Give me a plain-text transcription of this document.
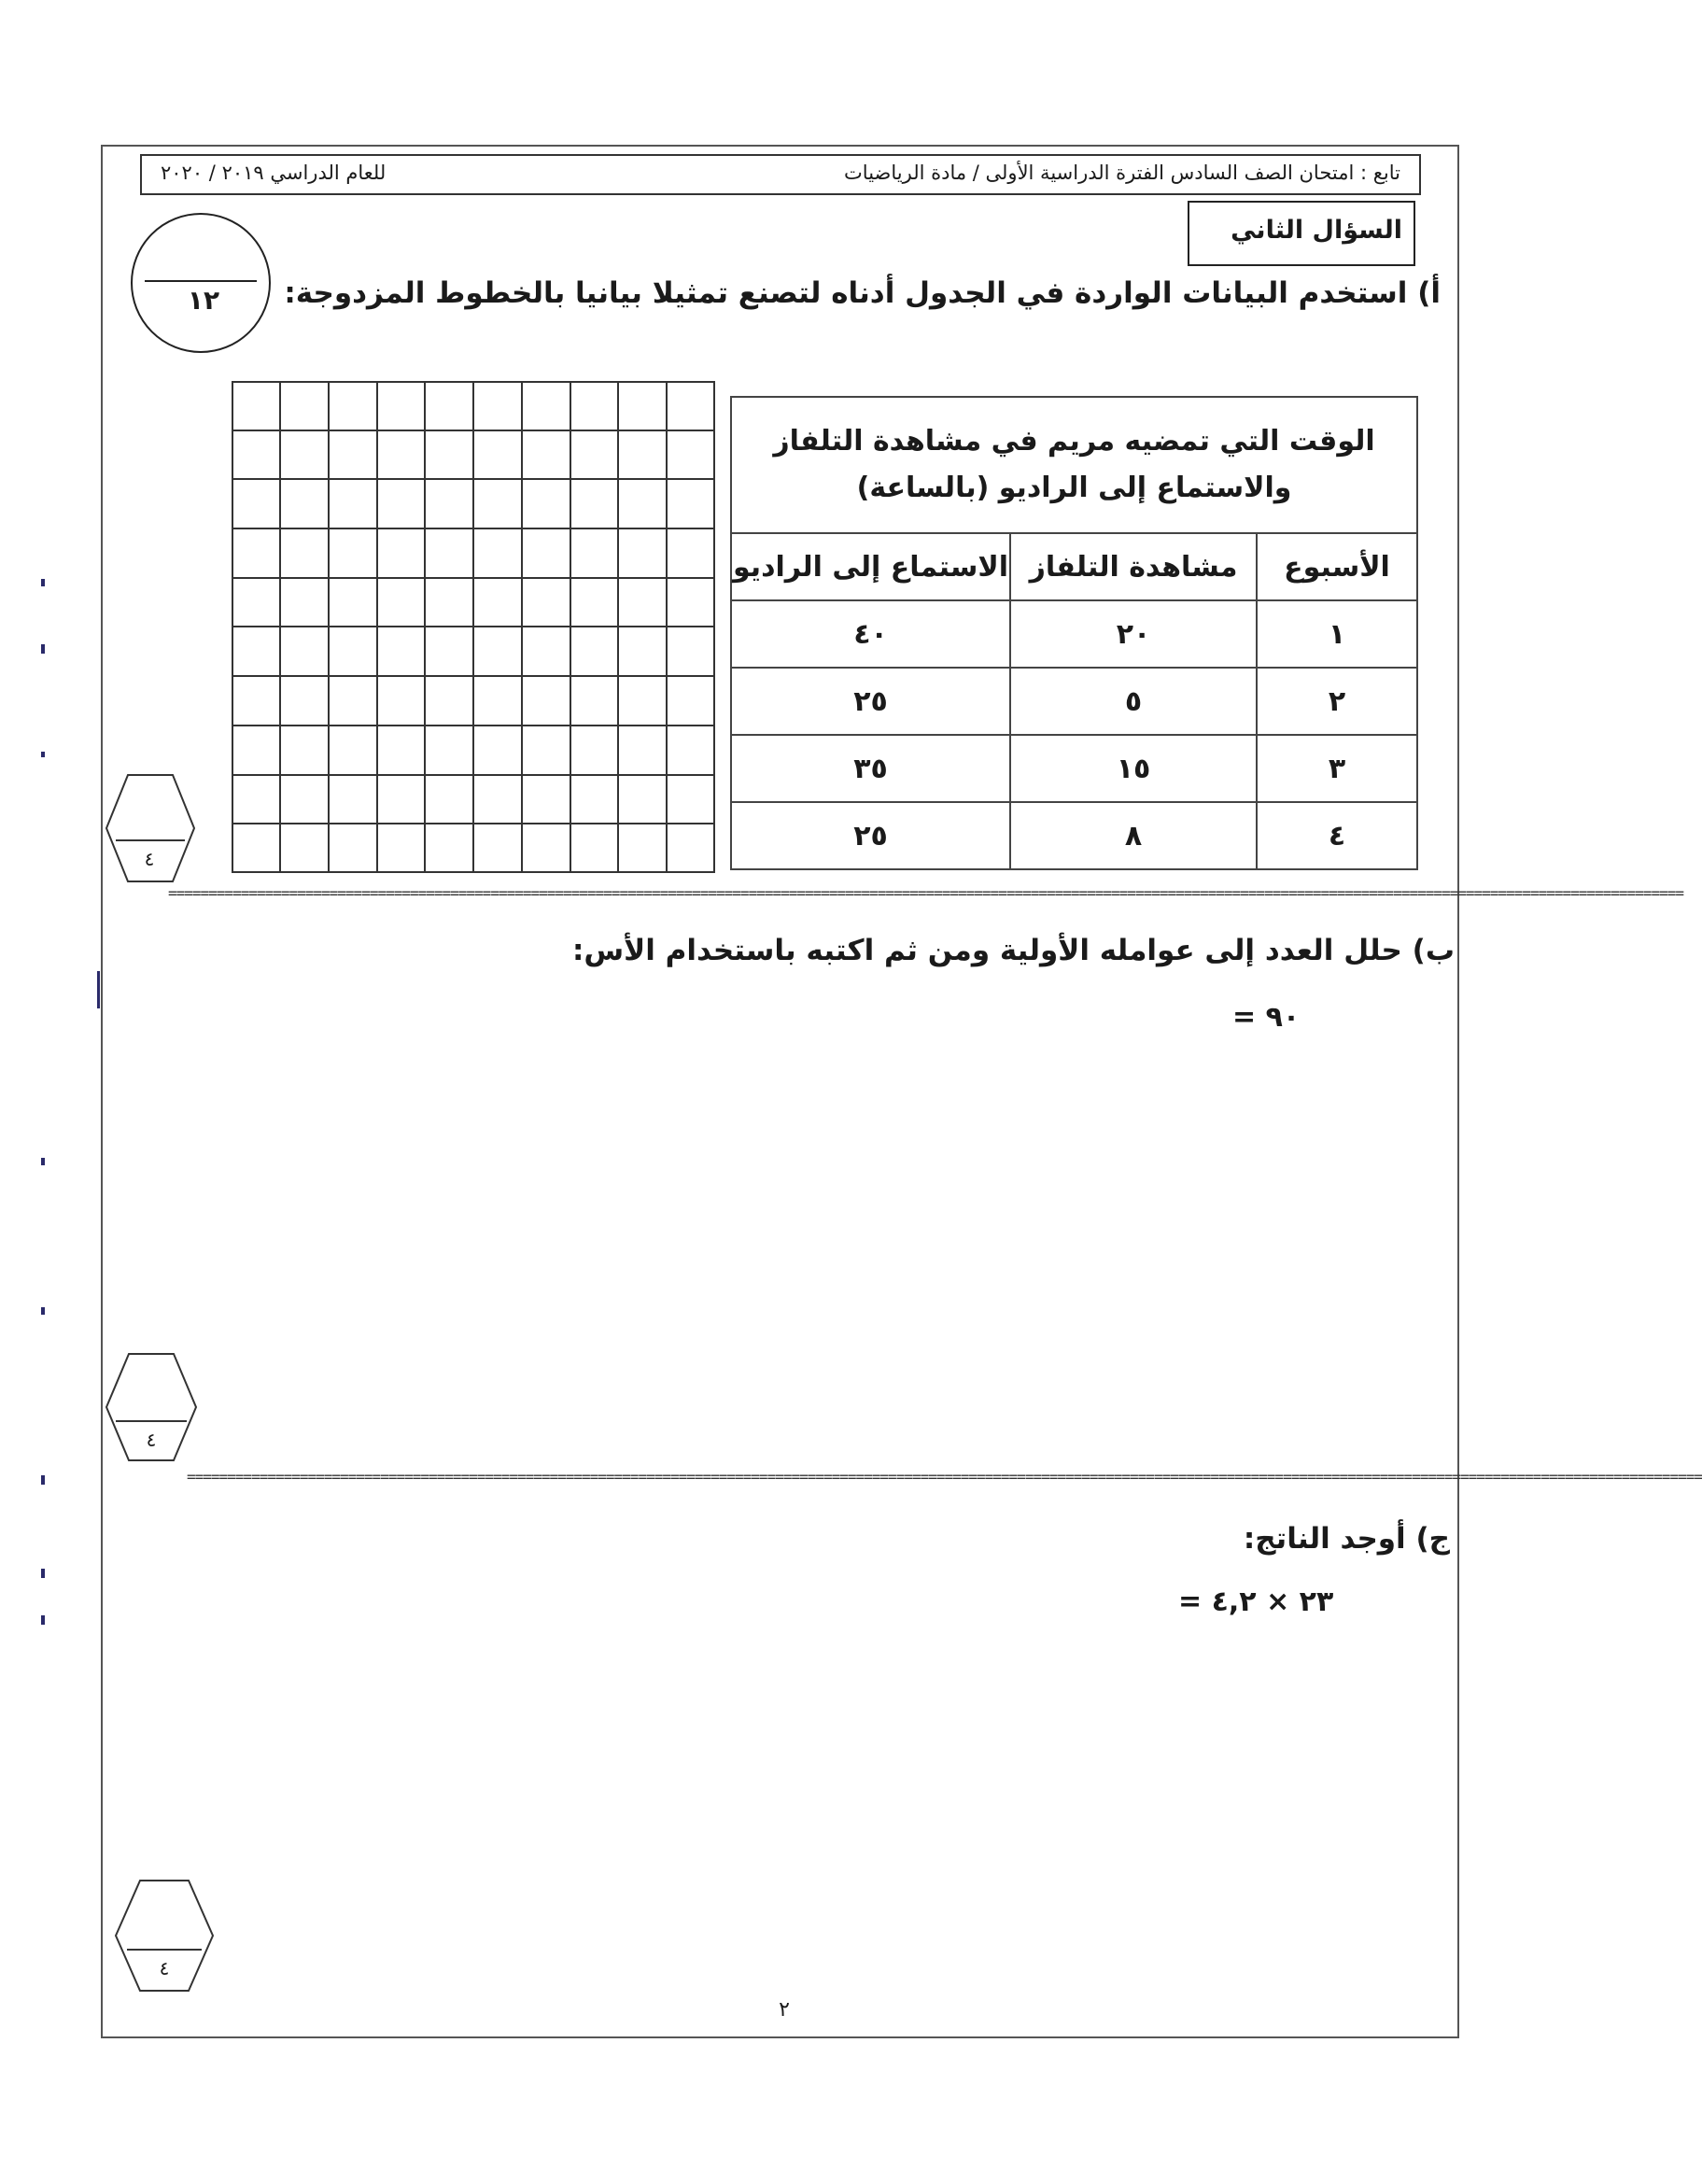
تابع : امتحان الصف السادس الفترة الدراسية الأولى / مادة الرياضيات
للعام الدراسي ٢٠١٩ / ٢٠٢٠
السؤال الثاني
١٢	أ) استخدم البيانات الواردة في الجدول أدناه لتصنع تمثيلا بيانيا بالخطوط المزدوجة:
الوقت التي تمضيه مريم في مشاهدة التلفاز
والاستماع إلى الراديو (بالساعة)		

الأسبوع	مشاهدة التلفاز	الاستماع إلى الراديو
١	٢٠	٤٠
٢	٥	٢٥
٣	١٥	٣٥
٤	٨	٢٥
٤
============================================================================================================================================================================================
ب) حلل العدد إلى عوامله الأولية ومن ثم اكتبه باستخدام الأس:
٩٠ =
٤
============================================================================================================================================================================================
ج) أوجد الناتج:
٢٣ × ٤,٢ =
٤
٢
